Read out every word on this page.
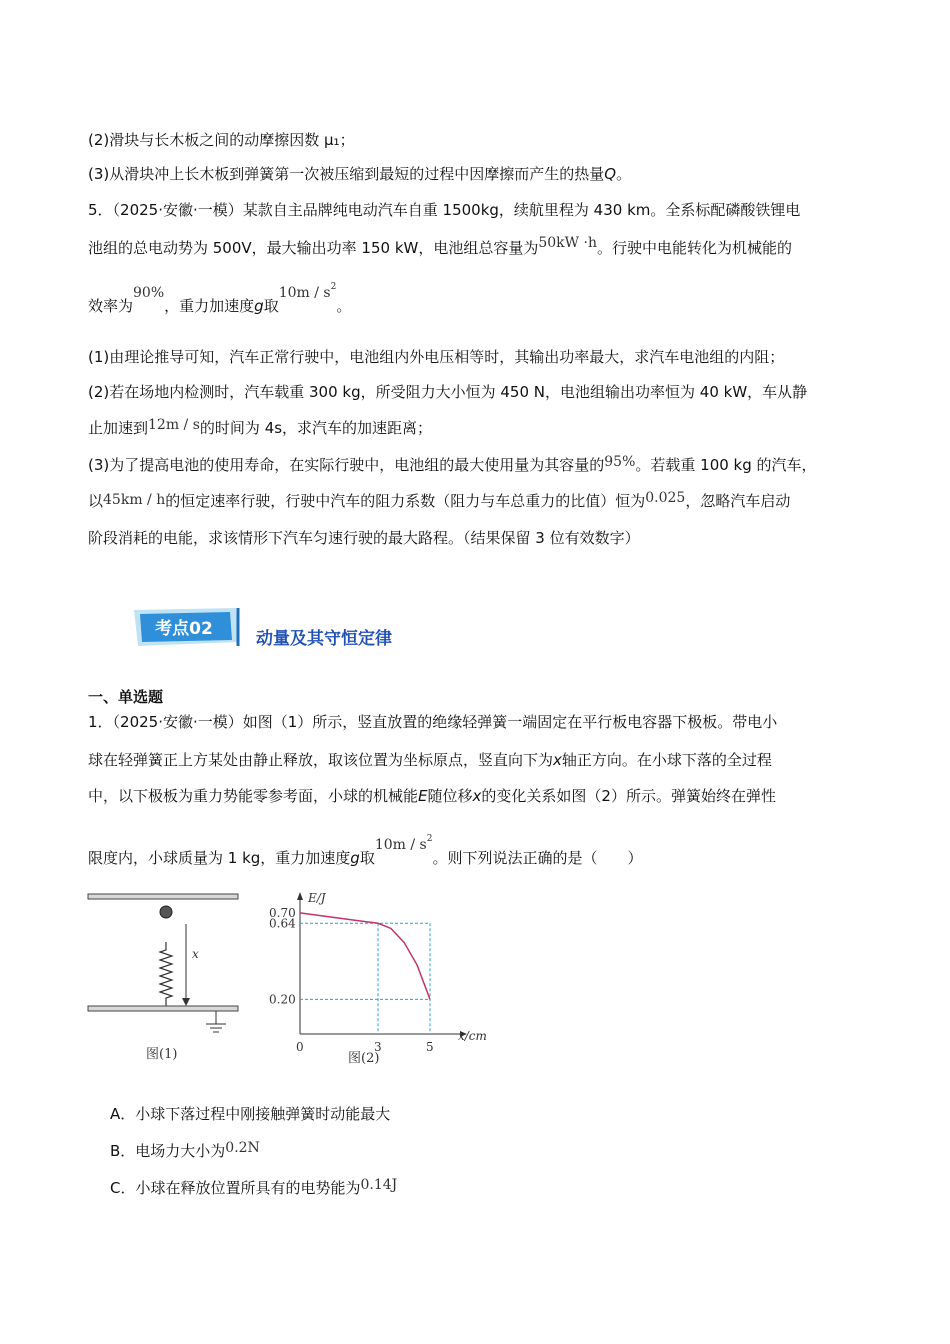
(2)滑块与长木板之间的动摩擦因数 μ₁；
(3)从滑块冲上长木板到弹簧第一次被压缩到最短的过程中因摩擦而产生的热量Q。
5．（2025·安徽·一模）某款自主品牌纯电动汽车自重 1500kg，续航里程为 430 km。全系标配磷酸铁锂电
池组的总电动势为 500V，最大输出功率 150 kW，电池组总容量为50kW ·h。行驶中电能转化为机械能的
效率为90%，重力加速度g取$10m / s^2$。
(1)由理论推导可知，汽车正常行驶中，电池组内外电压相等时，其输出功率最大，求汽车电池组的内阻；
(2)若在场地内检测时，汽车载重 300 kg，所受阻力大小恒为 450 N，电池组输出功率恒为 40 kW，车从静
止加速到12m / s的时间为 4s，求汽车的加速距离；
(3)为了提高电池的使用寿命，在实际行驶中，电池组的最大使用量为其容量的95%。若载重 100 kg 的汽车，
以45km / h的恒定速率行驶，行驶中汽车的阻力系数（阻力与车总重力的比值）恒为0.025，忽略汽车启动
阶段消耗的电能，求该情形下汽车匀速行驶的最大路程。（结果保留 3 位有效数字）
考点02	动量及其守恒定律
一、单选题
1．（2025·安徽·一模）如图（1）所示，竖直放置的绝缘轻弹簧一端固定在平行板电容器下极板。带电小
球在轻弹簧正上方某处由静止释放，取该位置为坐标原点，竖直向下为x轴正方向。在小球下落的全过程
中，以下极板为重力势能零参考面，小球的机械能E随位移x的变化关系如图（2）所示。弹簧始终在弹性
限度内，小球质量为 1 kg，重力加速度g取$10m / s^2$。则下列说法正确的是（　　）
x
图(1)
E/J
x/cm
0	3	5
0.70
0.64
0.20
图(2)
A．小球下落过程中刚接触弹簧时动能最大
B．电场力大小为0.2N
C．小球在释放位置所具有的电势能为0.14J
